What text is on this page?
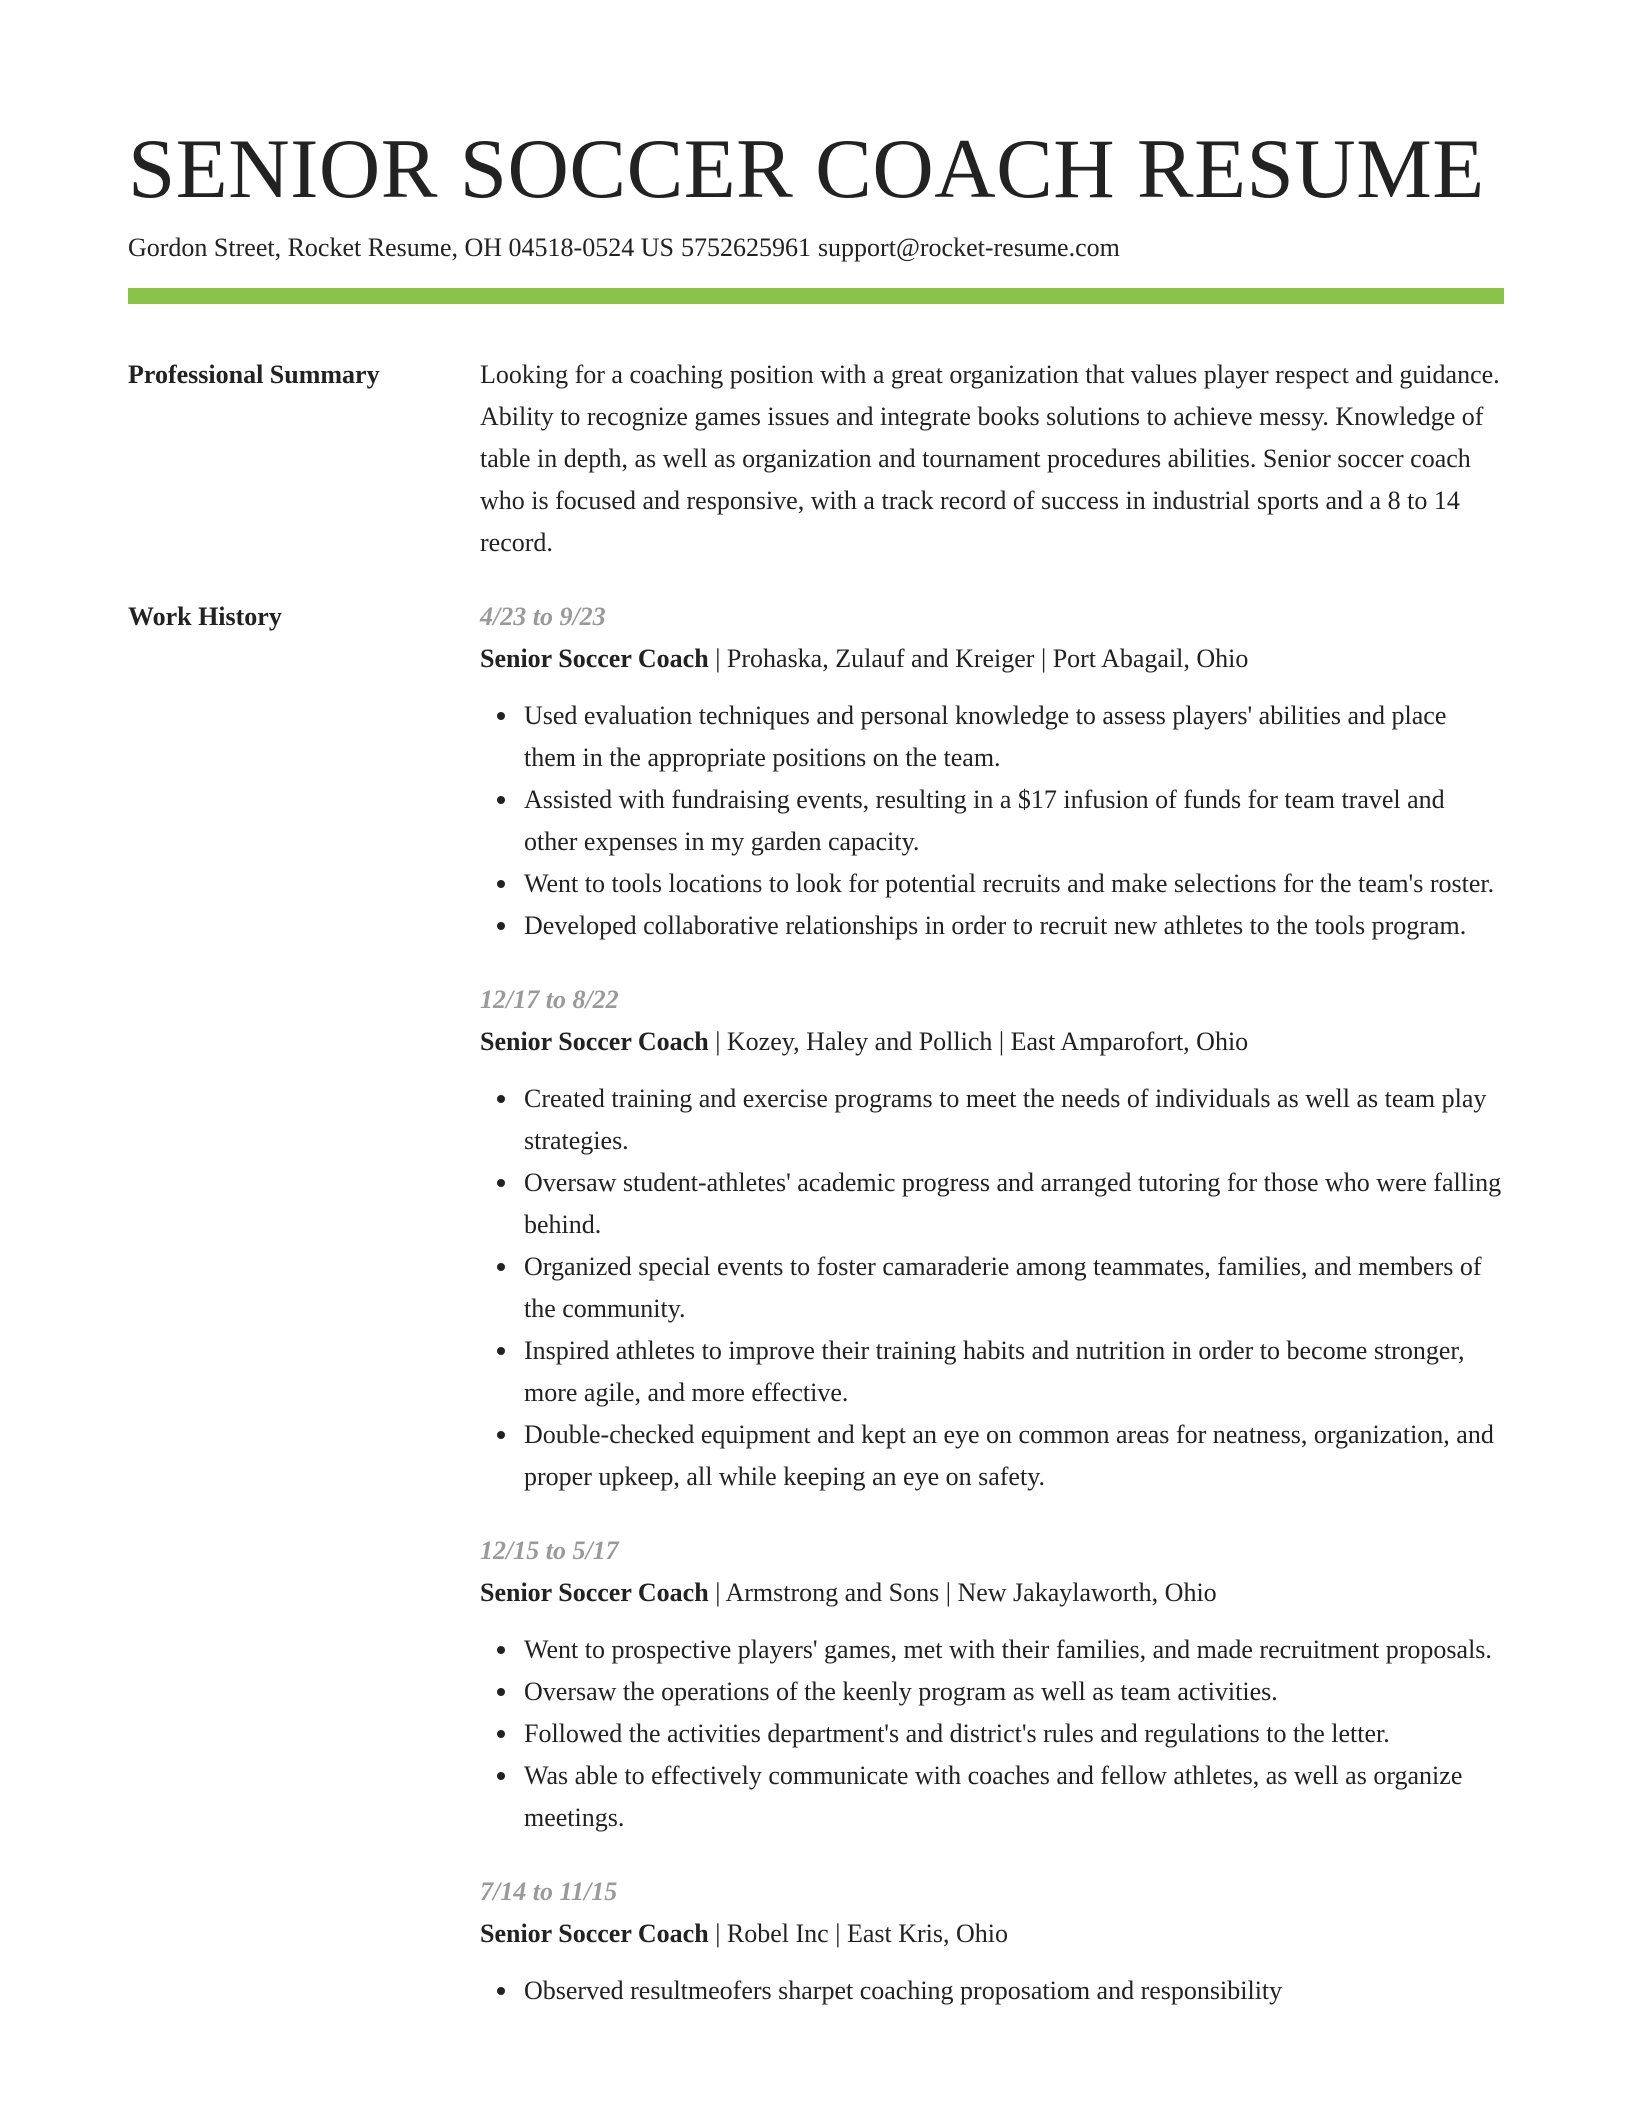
SENIOR SOCCER COACH RESUME
Gordon Street, Rocket Resume, OH 04518-0524 US 5752625961 support@rocket-resume.com
Professional Summary	Looking for a coaching position with a great organization that values player respect and guidance. Ability to recognize games issues and integrate books solutions to achieve messy. Knowledge of table in depth, as well as organization and tournament procedures abilities. Senior soccer coach who is focused and responsive, with a track record of success in industrial sports and a 8 to 14 record.

Work History	4/23 to 9/23
Senior Soccer Coach | Prohaska, Zulauf and Kreiger | Port Abagail, Ohio
Used evaluation techniques and personal knowledge to assess players' abilities and place them in the appropriate positions on the team.
Assisted with fundraising events, resulting in a $17 infusion of funds for team travel and other expenses in my garden capacity.
Went to tools locations to look for potential recruits and make selections for the team's roster.
Developed collaborative relationships in order to recruit new athletes to the tools program.
12/17 to 8/22
Senior Soccer Coach | Kozey, Haley and Pollich | East Amparofort, Ohio
Created training and exercise programs to meet the needs of individuals as well as team play strategies.
Oversaw student-athletes' academic progress and arranged tutoring for those who were falling behind.
Organized special events to foster camaraderie among teammates, families, and members of the community.
Inspired athletes to improve their training habits and nutrition in order to become stronger, more agile, and more effective.
Double-checked equipment and kept an eye on common areas for neatness, organization, and proper upkeep, all while keeping an eye on safety.
12/15 to 5/17
Senior Soccer Coach | Armstrong and Sons | New Jakaylaworth, Ohio
Went to prospective players' games, met with their families, and made recruitment proposals.
Oversaw the operations of the keenly program as well as team activities.
Followed the activities department's and district's rules and regulations to the letter.
Was able to effectively communicate with coaches and fellow athletes, as well as organize meetings.
7/14 to 11/15
Senior Soccer Coach | Robel Inc | East Kris, Ohio
Observed resultmeofers sharpet coaching proposatiom and responsibility
